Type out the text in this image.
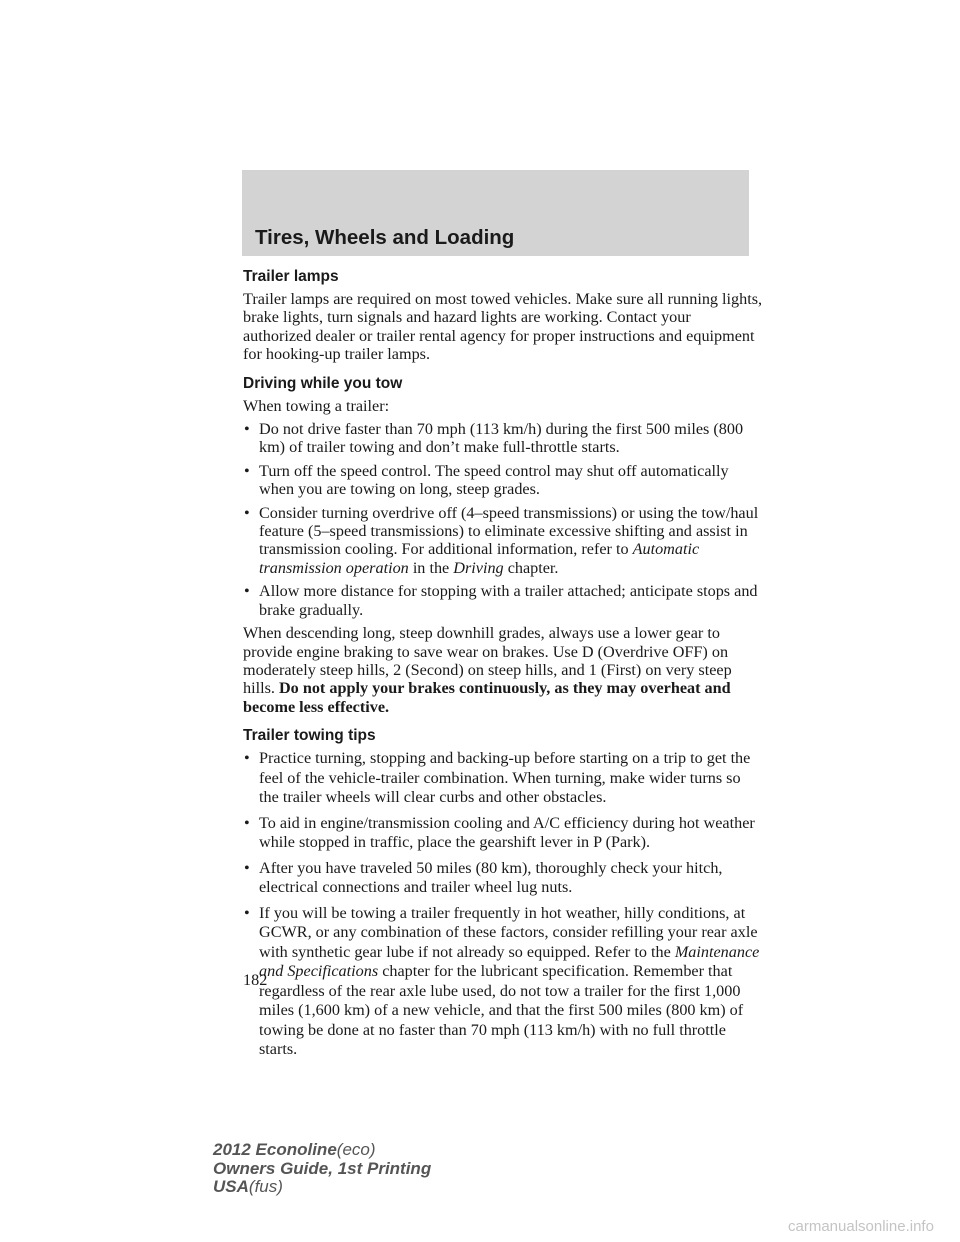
Tires, Wheels and Loading
Trailer lamps

Trailer lamps are required on most towed vehicles. Make sure all running lights, brake lights, turn signals and hazard lights are working. Contact your authorized dealer or trailer rental agency for proper instructions and equipment for hooking-up trailer lamps.

Driving while you tow

When towing a trailer:

• Do not drive faster than 70 mph (113 km/h) during the first 500 miles (800 km) of trailer towing and don’t make full-throttle starts.
• Turn off the speed control. The speed control may shut off automatically when you are towing on long, steep grades.
• Consider turning overdrive off (4–speed transmissions) or using the tow/haul feature (5–speed transmissions) to eliminate excessive shifting and assist in transmission cooling. For additional information, refer to Automatic transmission operation in the Driving chapter.
• Allow more distance for stopping with a trailer attached; anticipate stops and brake gradually.

When descending long, steep downhill grades, always use a lower gear to provide engine braking to save wear on brakes. Use D (Overdrive OFF) on moderately steep hills, 2 (Second) on steep hills, and 1 (First) on very steep hills. Do not apply your brakes continuously, as they may overheat and become less effective.

Trailer towing tips
• Practice turning, stopping and backing-up before starting on a trip to get the feel of the vehicle-trailer combination. When turning, make wider turns so the trailer wheels will clear curbs and other obstacles.
• To aid in engine/transmission cooling and A/C efficiency during hot weather while stopped in traffic, place the gearshift lever in P (Park).
• After you have traveled 50 miles (80 km), thoroughly check your hitch, electrical connections and trailer wheel lug nuts.
• If you will be towing a trailer frequently in hot weather, hilly conditions, at GCWR, or any combination of these factors, consider refilling your rear axle with synthetic gear lube if not already so equipped. Refer to the Maintenance and Specifications chapter for the lubricant specification. Remember that regardless of the rear axle lube used, do not tow a trailer for the first 1,000 miles (1,600 km) of a new vehicle, and that the first 500 miles (800 km) of towing be done at no faster than 70 mph (113 km/h) with no full throttle starts.
182
2012 Econoline(eco)
Owners Guide, 1st Printing
USA(fus)
carmanualsonline.info
